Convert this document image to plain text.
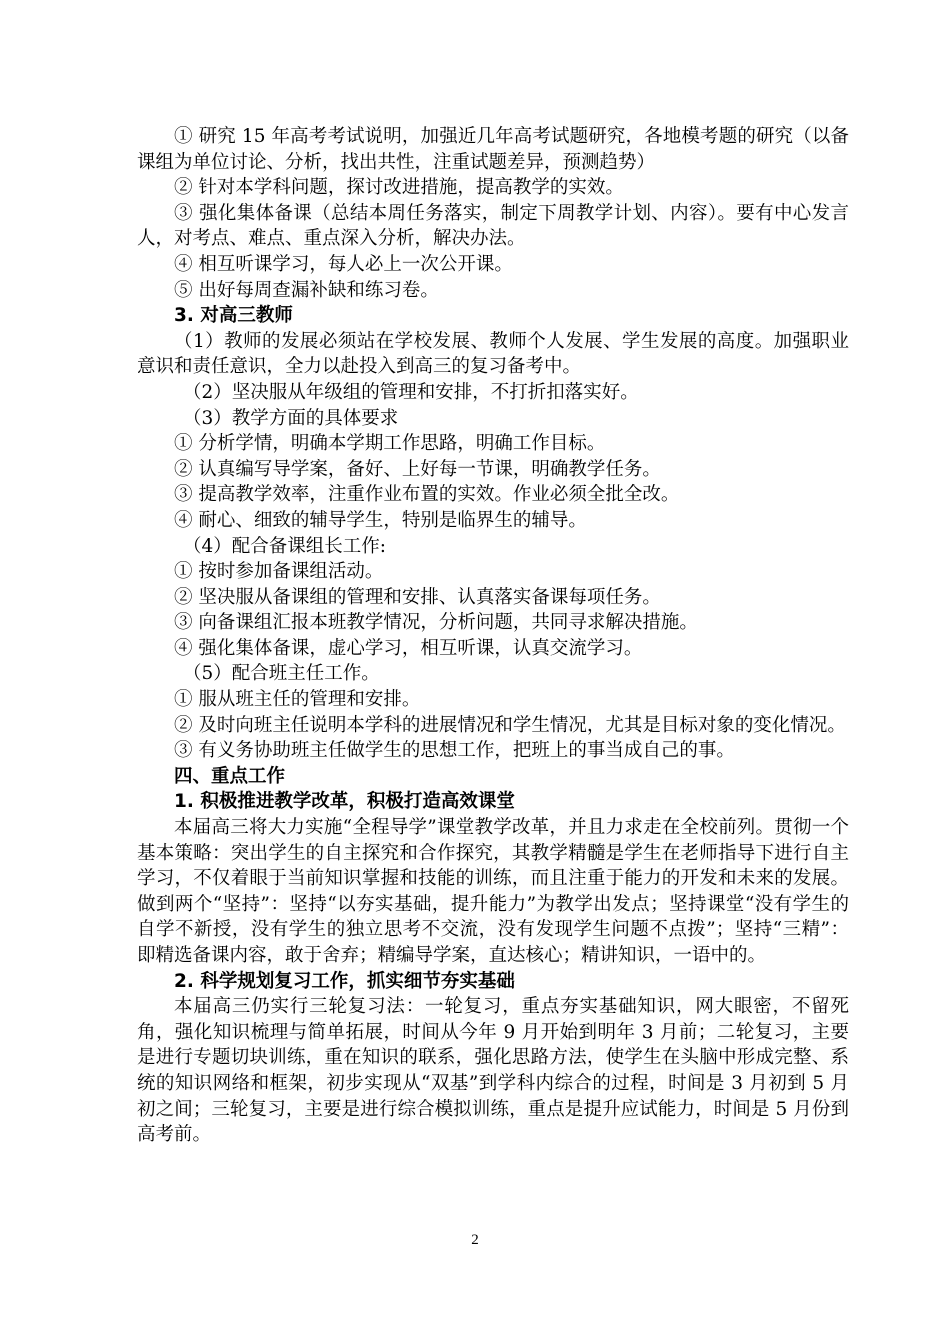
① 研究 15 年高考考试说明，加强近几年高考试题研究，各地模考题的研究（以备课组为单位讨论、分析，找出共性，注重试题差异，预测趋势）

② 针对本学科问题，探讨改进措施，提高教学的实效。

③ 强化集体备课（总结本周任务落实，制定下周教学计划、内容）。要有中心发言人，对考点、难点、重点深入分析，解决办法。

④ 相互听课学习，每人必上一次公开课。

⑤ 出好每周查漏补缺和练习卷。

3. 对高三教师

（1）教师的发展必须站在学校发展、教师个人发展、学生发展的高度。加强职业意识和责任意识，全力以赴投入到高三的复习备考中。

（2）坚决服从年级组的管理和安排，不打折扣落实好。

（3）教学方面的具体要求

① 分析学情，明确本学期工作思路，明确工作目标。

② 认真编写导学案，备好、上好每一节课，明确教学任务。

③ 提高教学效率，注重作业布置的实效。作业必须全批全改。

④ 耐心、细致的辅导学生，特别是临界生的辅导。

（4）配合备课组长工作:

① 按时参加备课组活动。

② 坚决服从备课组的管理和安排、认真落实备课每项任务。

③ 向备课组汇报本班教学情况，分析问题，共同寻求解决措施。

④ 强化集体备课，虚心学习，相互听课，认真交流学习。

（5）配合班主任工作。

① 服从班主任的管理和安排。

② 及时向班主任说明本学科的进展情况和学生情况，尤其是目标对象的变化情况。

③ 有义务协助班主任做学生的思想工作，把班上的事当成自己的事。

四、重点工作

1. 积极推进教学改革，积极打造高效课堂

本届高三将大力实施“全程导学”课堂教学改革，并且力求走在全校前列。贯彻一个基本策略：突出学生的自主探究和合作探究，其教学精髓是学生在老师指导下进行自主学习，不仅着眼于当前知识掌握和技能的训练，而且注重于能力的开发和未来的发展。做到两个“坚持”：坚持“以夯实基础，提升能力”为教学出发点；坚持课堂“没有学生的自学不新授，没有学生的独立思考不交流，没有发现学生问题不点拨”；坚持“三精”：即精选备课内容，敢于舍弃；精编导学案，直达核心；精讲知识，一语中的。

2. 科学规划复习工作，抓实细节夯实基础

本届高三仍实行三轮复习法：一轮复习，重点夯实基础知识，网大眼密，不留死角，强化知识梳理与简单拓展，时间从今年 9 月开始到明年 3 月前；二轮复习，主要是进行专题切块训练，重在知识的联系，强化思路方法，使学生在头脑中形成完整、系统的知识网络和框架，初步实现从“双基”到学科内综合的过程，时间是 3 月初到 5 月初之间；三轮复习，主要是进行综合模拟训练，重点是提升应试能力，时间是 5 月份到高考前。

2
